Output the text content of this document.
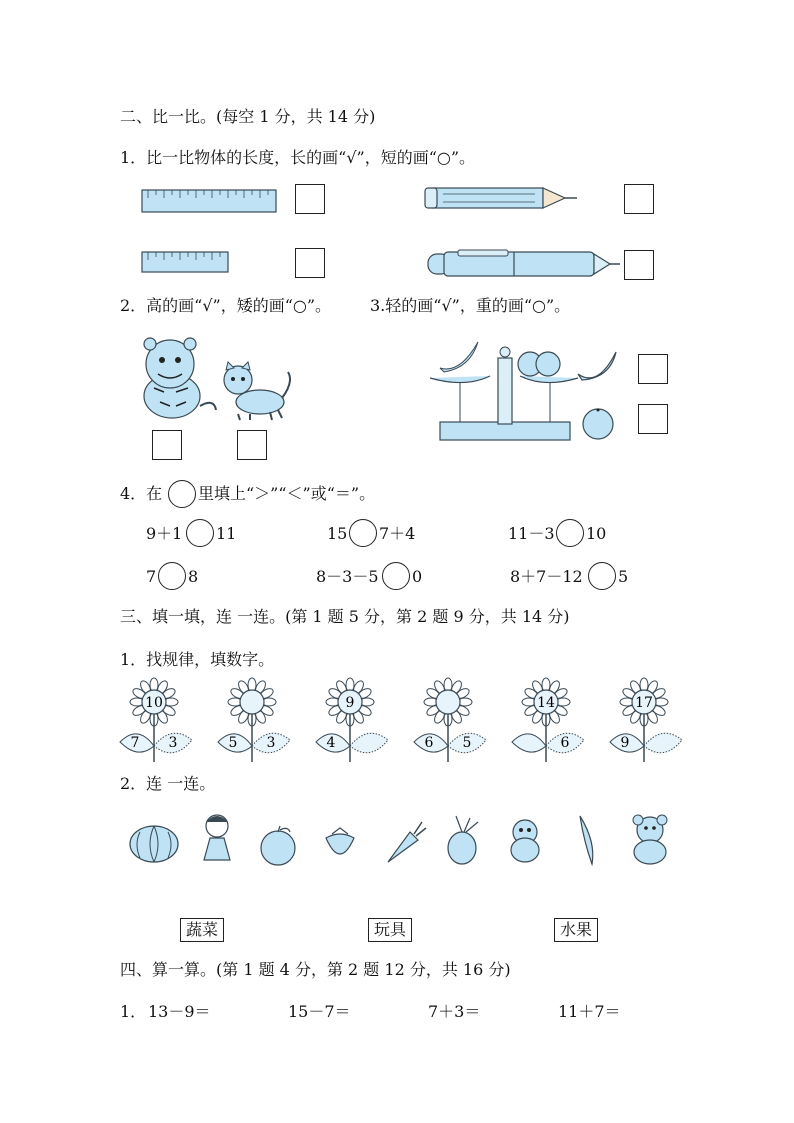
二、比一比。(每空 1 分，共 14 分)
1．比一比物体的长度，长的画“√”，短的画“○”。
2．高的画“√”，矮的画“○”。 3.轻的画“√”，重的画“○”。
4．在 里填上“＞”“＜”或“＝”。
9＋1 11	15 7＋4	11－3 10
7 8	8－3－5 0	8＋7－12 5
三、填一填，连 一连。(第 1 题 5 分，第 2 题 9 分，共 14 分)
1．找规律，填数字。
10
7 3	5 3
9
4	6 5
14
6
17
9
2．连 一连。
蔬菜	玩具	水果
四、算一算。(第 1 题 4 分，第 2 题 12 分，共 16 分)
1． 13－9＝	15－7＝	7＋3＝	11＋7＝
